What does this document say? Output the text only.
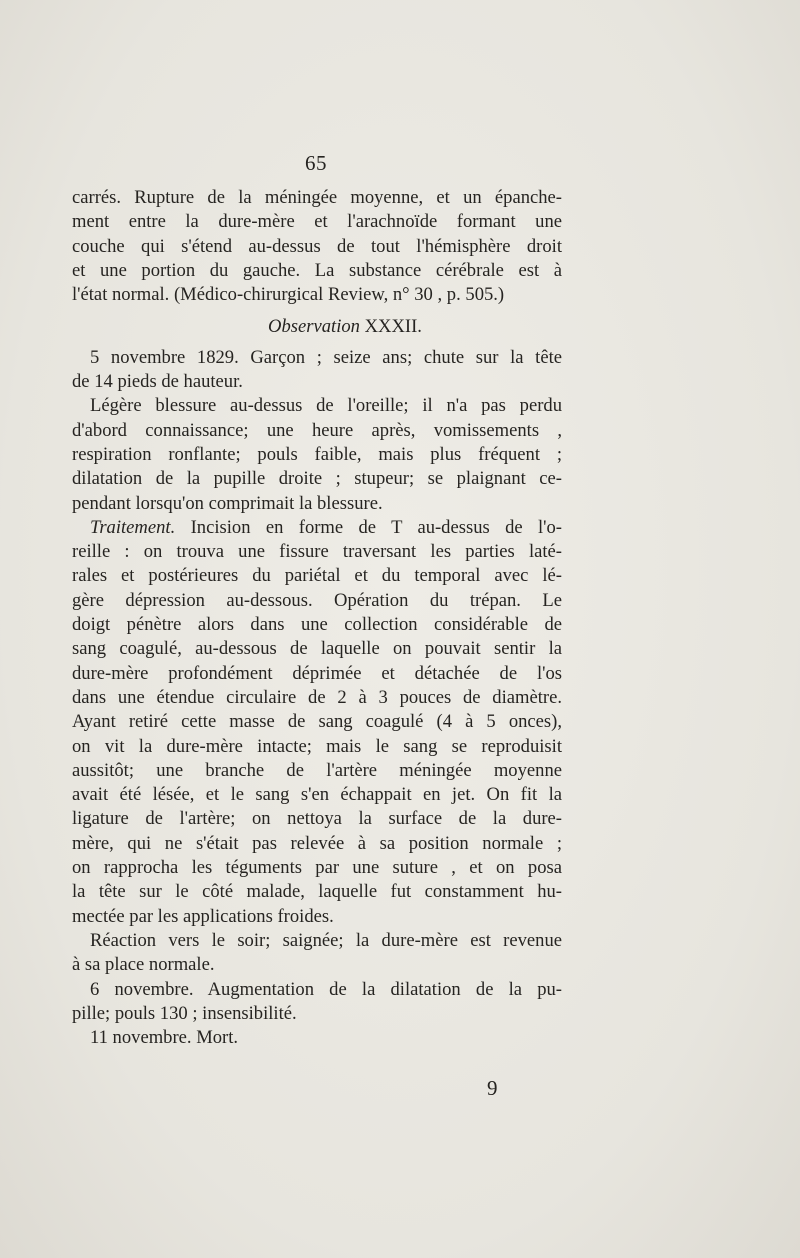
65
carrés. Rupture de la méningée moyenne, et un épanche-
ment entre la dure-mère et l'arachnoïde formant une
couche qui s'étend au-dessus de tout l'hémisphère droit
et une portion du gauche. La substance cérébrale est à
l'état normal. (Médico-chirurgical Review, n° 30 , p. 505.)
Observation XXXII.
5 novembre 1829. Garçon ; seize ans; chute sur la tête
de 14 pieds de hauteur.
Légère blessure au-dessus de l'oreille; il n'a pas perdu
d'abord connaissance; une heure après, vomissements ,
respiration ronflante; pouls faible, mais plus fréquent ;
dilatation de la pupille droite ; stupeur; se plaignant ce-
pendant lorsqu'on comprimait la blessure.
Traitement. Incision en forme de T au-dessus de l'o-
reille : on trouva une fissure traversant les parties laté-
rales et postérieures du pariétal et du temporal avec lé-
gère dépression au-dessous. Opération du trépan. Le
doigt pénètre alors dans une collection considérable de
sang coagulé, au-dessous de laquelle on pouvait sentir la
dure-mère profondément déprimée et détachée de l'os
dans une étendue circulaire de 2 à 3 pouces de diamètre.
Ayant retiré cette masse de sang coagulé (4 à 5 onces),
on vit la dure-mère intacte; mais le sang se reproduisit
aussitôt; une branche de l'artère méningée moyenne
avait été lésée, et le sang s'en échappait en jet. On fit la
ligature de l'artère; on nettoya la surface de la dure-
mère, qui ne s'était pas relevée à sa position normale ;
on rapprocha les téguments par une suture , et on posa
la tête sur le côté malade, laquelle fut constamment hu-
mectée par les applications froides.
Réaction vers le soir; saignée; la dure-mère est revenue
à sa place normale.
6 novembre. Augmentation de la dilatation de la pu-
pille; pouls 130 ; insensibilité.
11 novembre. Mort.
9
